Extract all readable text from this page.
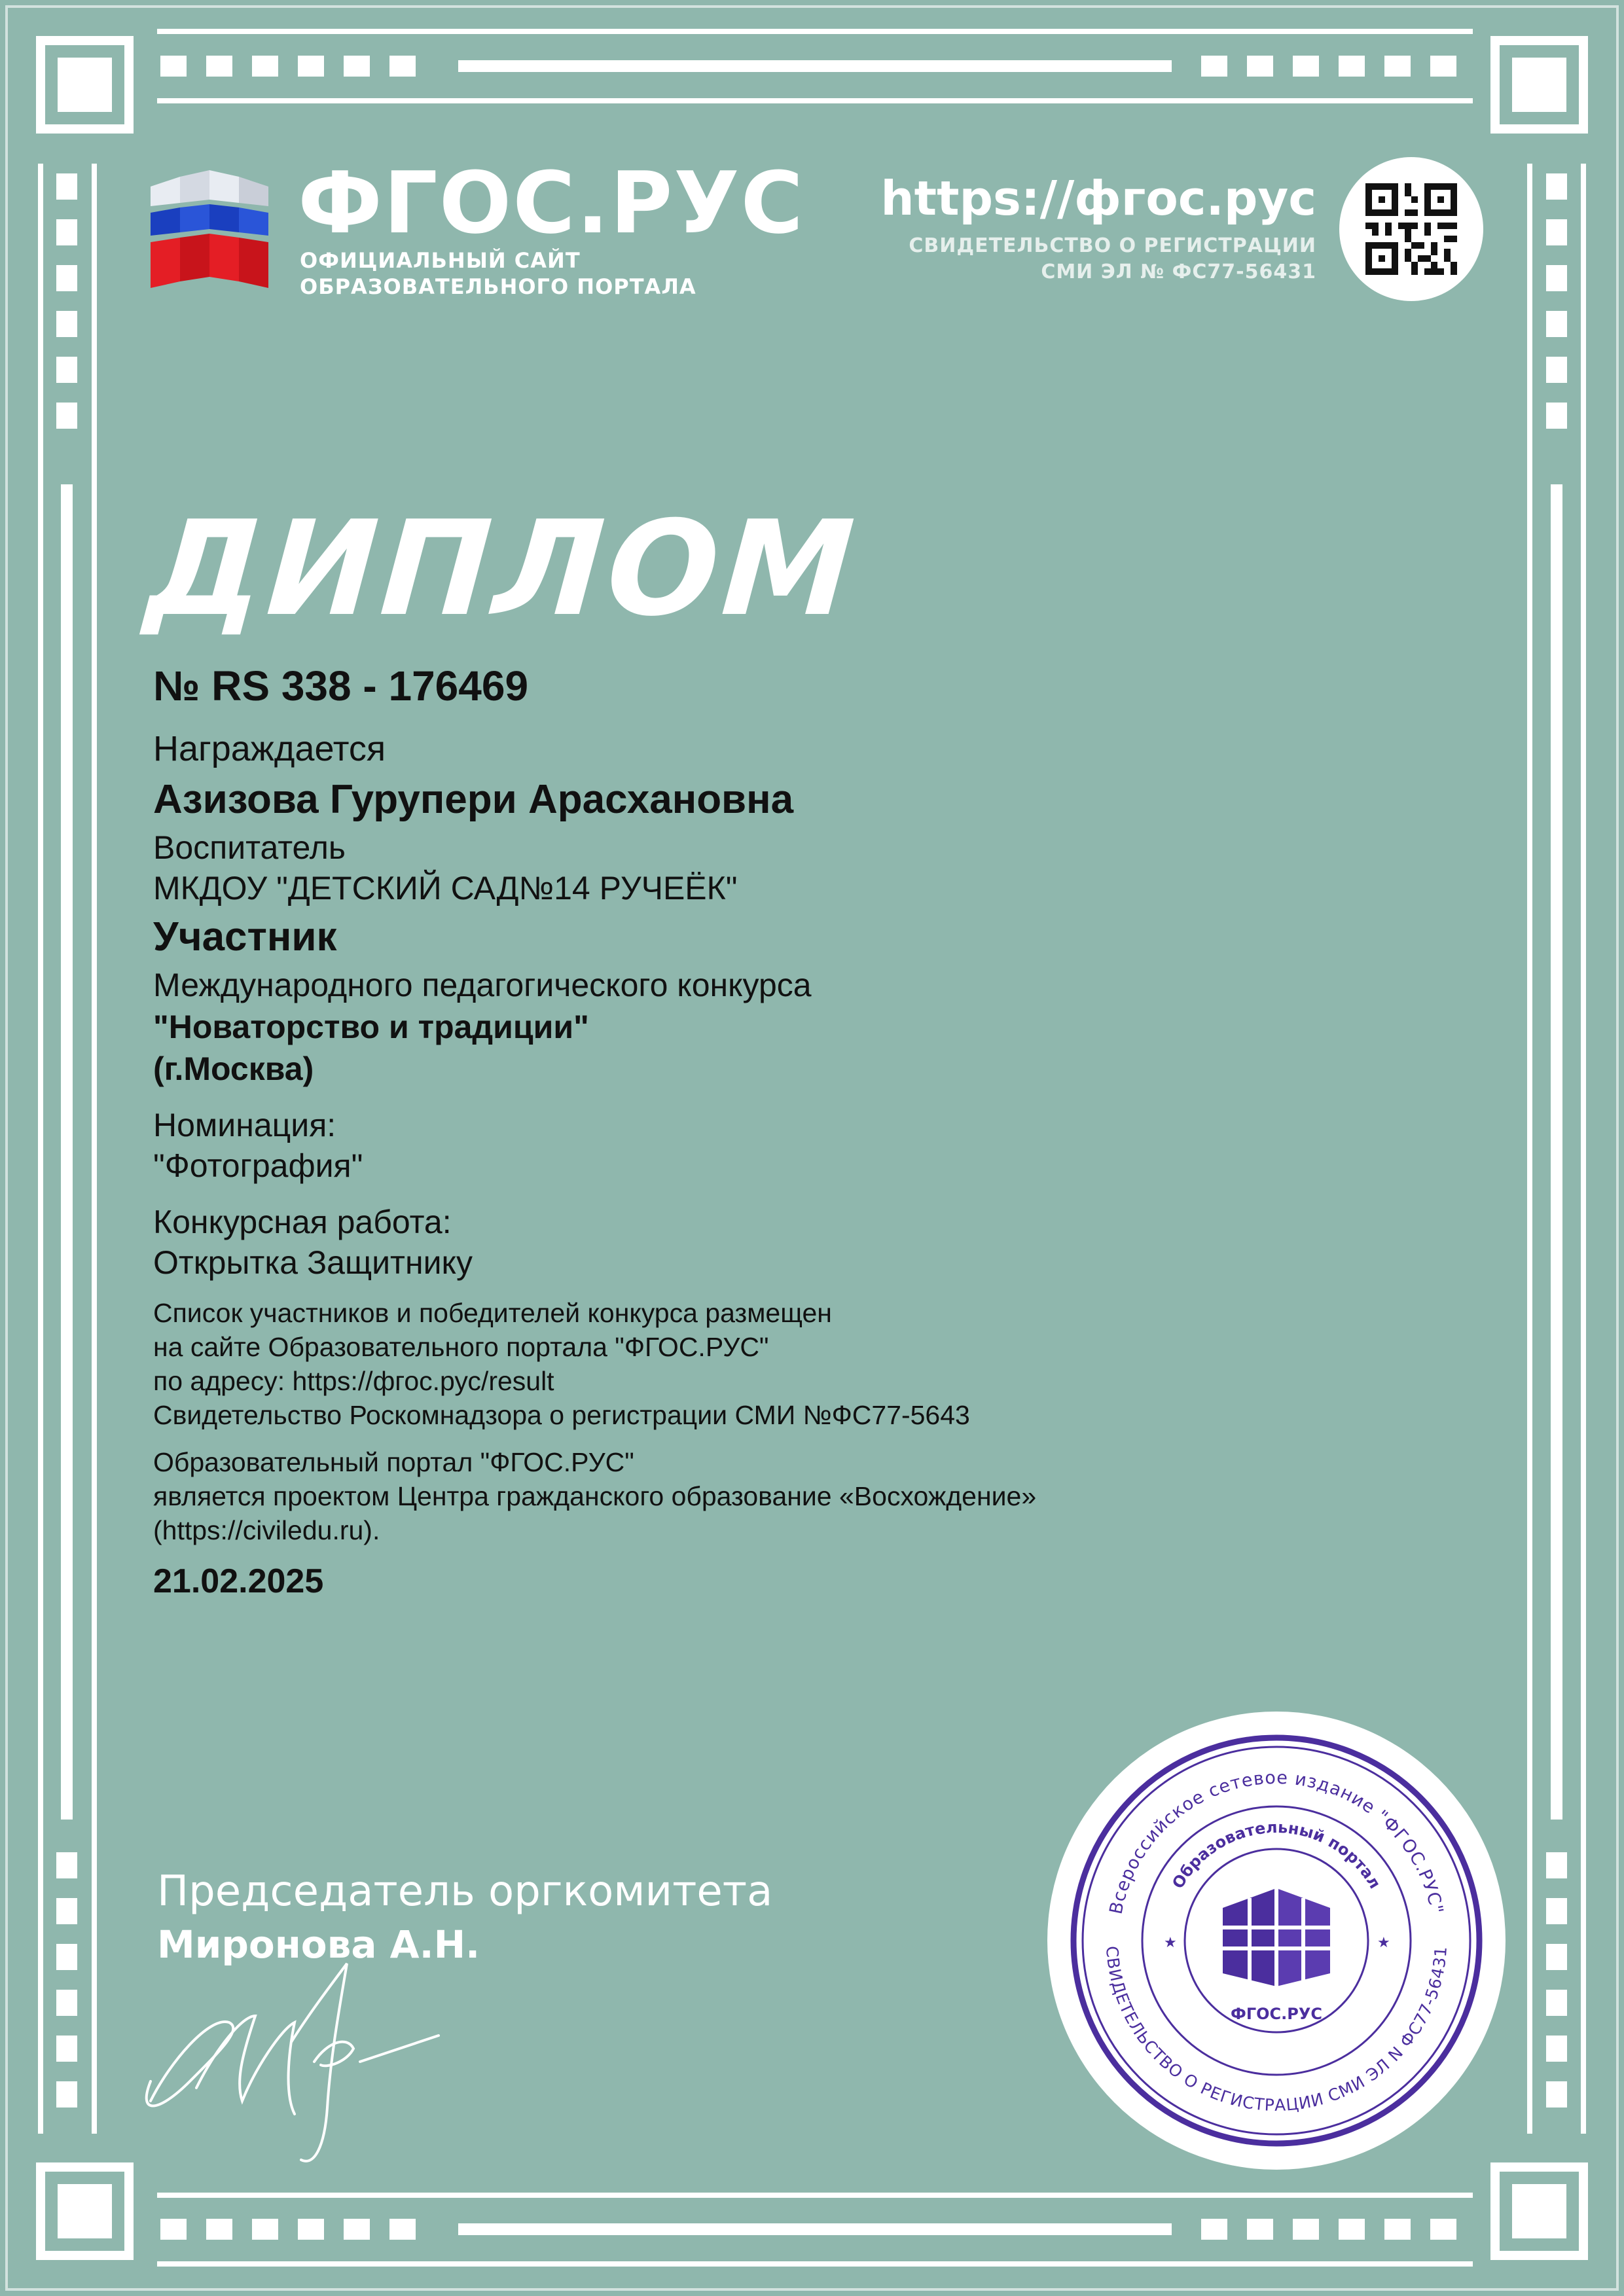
ФГОС.РУС
ОФИЦИАЛЬНЫЙ САЙТ
ОБРАЗОВАТЕЛЬНОГО ПОРТАЛА
https://фгос.рус
СВИДЕТЕЛЬСТВО О РЕГИСТРАЦИИ
СМИ ЭЛ № ФС77-56431
ДИПЛОМ
№ RS 338 - 176469
Награждается
Азизова Гурупери Арасхановна
Воспитатель
МКДОУ "ДЕТСКИЙ САД№14 РУЧЕЁК"
Участник
Международного педагогического конкурса
"Новаторство и традиции"
(г.Москва)
Номинация:
"Фотография"
Конкурсная работа:
Открытка Защитнику
Список участников и победителей конкурса размещен
на сайте Образовательного портала "ФГОС.РУС"
по адресу: https://фгос.рус/result
Свидетельство Роскомнадзора о регистрации СМИ №ФС77-5643
Образовательный портал "ФГОС.РУС"
является проектом Центра гражданского образование «Восхождение»
(https://civiledu.ru).
21.02.2025
Председатель оргкомитета
Миронова А.Н.
Всероссийское сетевое издание "ФГОС.РУС"
СВИДЕТЕЛЬСТВО О РЕГИСТРАЦИИ СМИ ЭЛ N ФС77-56431
Образовательный портал
★	★
ФГОС.РУС
